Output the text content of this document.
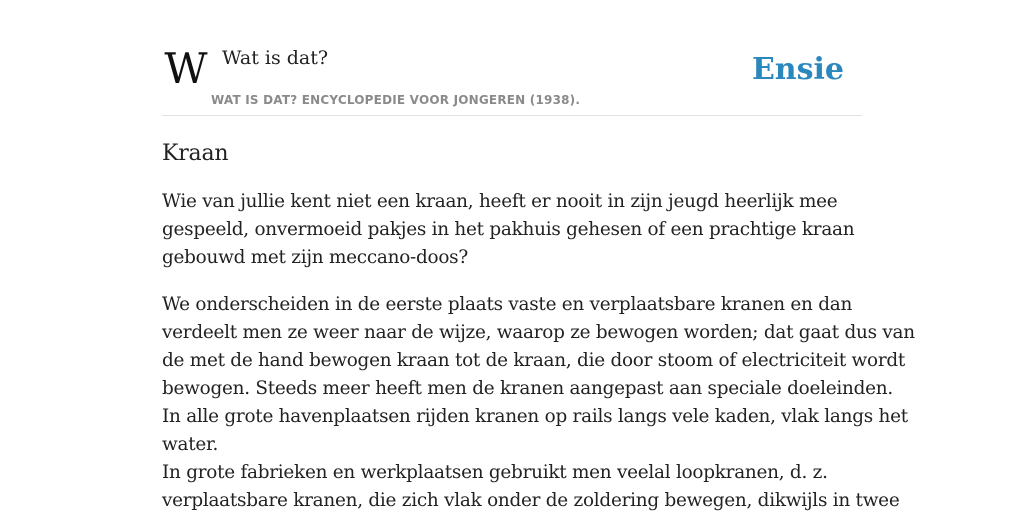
W Wat is dat?
WAT IS DAT? ENCYCLOPEDIE VOOR JONGEREN (1938).
Ensie
Kraan

Wie van jullie kent niet een kraan, heeft er nooit in zijn jeugd heerlijk mee
gespeeld, onvermoeid pakjes in het pakhuis gehesen of een prachtige kraan
gebouwd met zijn meccano-doos?

We onderscheiden in de eerste plaats vaste en verplaatsbare kranen en dan
verdeelt men ze weer naar de wijze, waarop ze bewogen worden; dat gaat dus van
de met de hand bewogen kraan tot de kraan, die door stoom of electriciteit wordt
bewogen. Steeds meer heeft men de kranen aangepast aan speciale doeleinden.
In alle grote havenplaatsen rijden kranen op rails langs vele kaden, vlak langs het
water.
In grote fabrieken en werkplaatsen gebruikt men veelal loopkranen, d. z.
verplaatsbare kranen, die zich vlak onder de zoldering bewegen, dikwijls in twee
